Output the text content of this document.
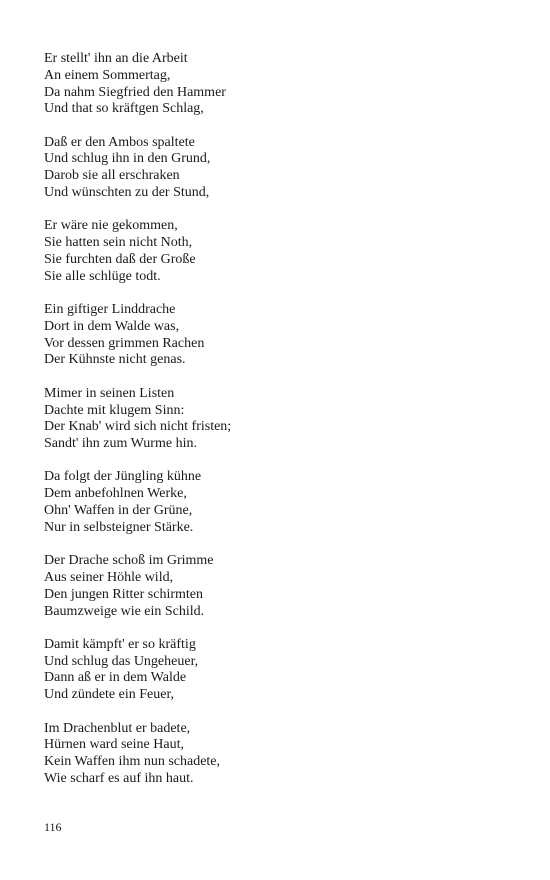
Er stellt' ihn an die Arbeit
An einem Sommertag,
Da nahm Siegfried den Hammer
Und that so kräftgen Schlag,
Daß er den Ambos spaltete
Und schlug ihn in den Grund,
Darob sie all erschraken
Und wünschten zu der Stund,
Er wäre nie gekommen,
Sie hatten sein nicht Noth,
Sie furchten daß der Große
Sie alle schlüge todt.
Ein giftiger Linddrache
Dort in dem Walde was,
Vor dessen grimmen Rachen
Der Kühnste nicht genas.
Mimer in seinen Listen
Dachte mit klugem Sinn:
Der Knab' wird sich nicht fristen;
Sandt' ihn zum Wurme hin.
Da folgt der Jüngling kühne
Dem anbefohlnen Werke,
Ohn' Waffen in der Grüne,
Nur in selbsteigner Stärke.
Der Drache schoß im Grimme
Aus seiner Höhle wild,
Den jungen Ritter schirmten
Baumzweige wie ein Schild.
Damit kämpft' er so kräftig
Und schlug das Ungeheuer,
Dann aß er in dem Walde
Und zündete ein Feuer,
Im Drachenblut er badete,
Hürnen ward seine Haut,
Kein Waffen ihm nun schadete,
Wie scharf es auf ihn haut.
116
